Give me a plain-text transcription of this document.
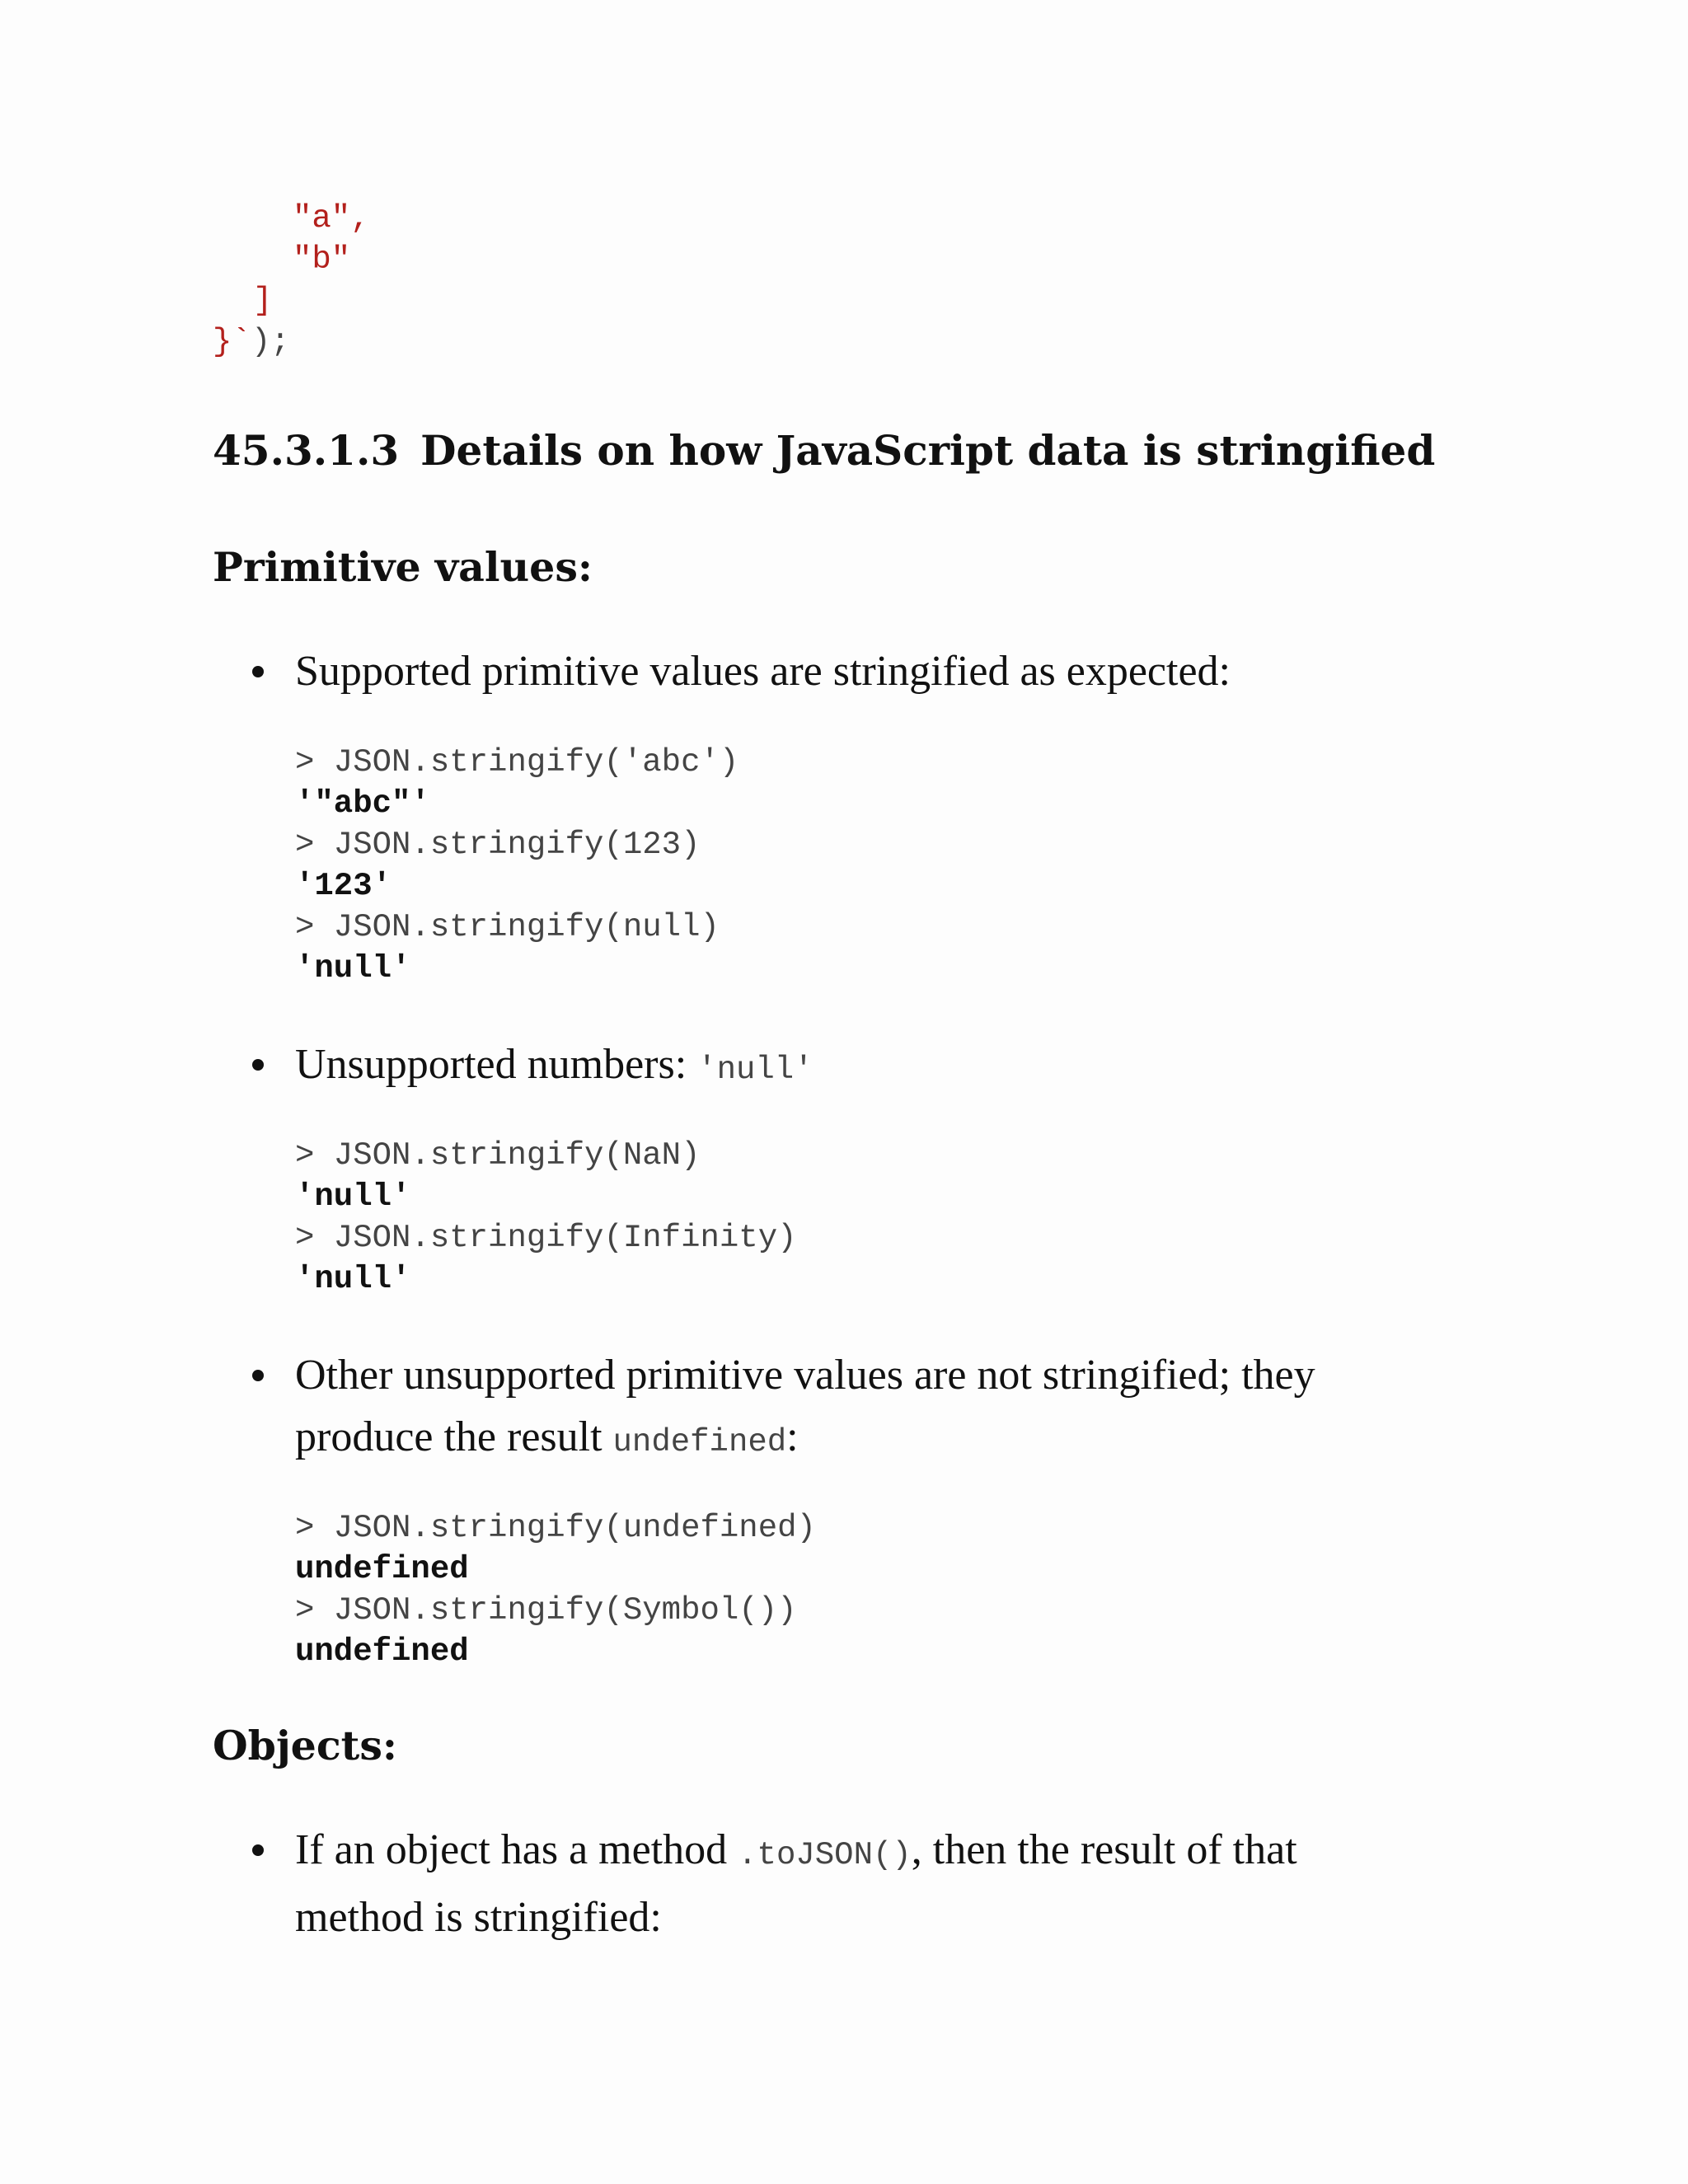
"a",
"b"
]
}`);
45.3.1.3 Details on how JavaScript data is stringified
Primitive values:
Supported primitive values are stringified as expected:
> JSON.stringify('abc')
'"abc"'
> JSON.stringify(123)
'123'
> JSON.stringify(null)
'null'
Unsupported numbers: 'null'
> JSON.stringify(NaN)
'null'
> JSON.stringify(Infinity)
'null'
Other unsupported primitive values are not stringified; they
produce the result undefined:
> JSON.stringify(undefined)
undefined
> JSON.stringify(Symbol())
undefined
Objects:
If an object has a method .toJSON(), then the result of that
method is stringified:
